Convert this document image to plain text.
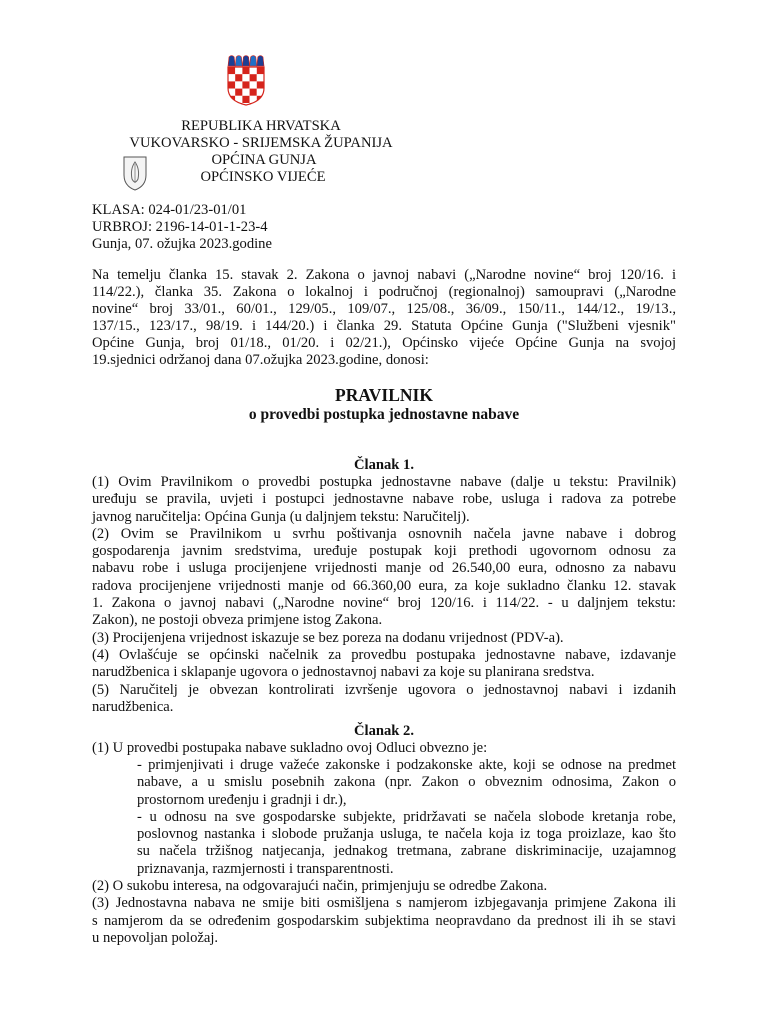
REPUBLIKA HRVATSKA
VUKOVARSKO - SRIJEMSKA ŽUPANIJA
OPĆINA GUNJA
OPĆINSKO VIJEĆE
KLASA: 024-01/23-01/01
URBROJ: 2196-14-01-1-23-4
Gunja, 07. ožujka 2023.godine
Na temelju članka 15. stavak 2. Zakona o javnoj nabavi („Narodne novine“ broj 120/16. i
114/22.), članka 35. Zakona o lokalnoj i područnoj (regionalnoj) samoupravi („Narodne
novine“ broj 33/01., 60/01., 129/05., 109/07., 125/08., 36/09., 150/11., 144/12., 19/13.,
137/15., 123/17., 98/19. i 144/20.) i članka 29. Statuta Općine Gunja ("Službeni vjesnik"
Općine Gunja, broj 01/18., 01/20. i 02/21.), Općinsko vijeće Općine Gunja na svojoj
19.sjednici održanoj dana 07.ožujka 2023.godine, donosi:
PRAVILNIK
o provedbi postupka jednostavne nabave
Članak 1.
(1) Ovim Pravilnikom o provedbi postupka jednostavne nabave (dalje u tekstu: Pravilnik)
uređuju se pravila, uvjeti i postupci jednostavne nabave robe, usluga i radova za potrebe
javnog naručitelja: Općina Gunja (u daljnjem tekstu: Naručitelj).
(2) Ovim se Pravilnikom u svrhu poštivanja osnovnih načela javne nabave i dobrog
gospodarenja javnim sredstvima, uređuje postupak koji prethodi ugovornom odnosu za
nabavu robe i usluga procijenjene vrijednosti manje od 26.540,00 eura, odnosno za nabavu
radova procijenjene vrijednosti manje od 66.360,00 eura, za koje sukladno članku 12. stavak
1. Zakona o javnoj nabavi („Narodne novine“ broj 120/16. i 114/22. - u daljnjem tekstu:
Zakon), ne postoji obveza primjene istog Zakona.
(3) Procijenjena vrijednost iskazuje se bez poreza na dodanu vrijednost (PDV-a).
(4) Ovlašćuje se općinski načelnik za provedbu postupaka jednostavne nabave, izdavanje
narudžbenica i sklapanje ugovora o jednostavnoj nabavi za koje su planirana sredstva.
(5) Naručitelj je obvezan kontrolirati izvršenje ugovora o jednostavnoj nabavi i izdanih
narudžbenica.
Članak 2.
(1) U provedbi postupaka nabave sukladno ovoj Odluci obvezno je:
- primjenjivati i druge važeće zakonske i podzakonske akte, koji se odnose na predmet
nabave, a u smislu posebnih zakona (npr. Zakon o obveznim odnosima, Zakon o
prostornom uređenju i gradnji i dr.),
- u odnosu na sve gospodarske subjekte, pridržavati se načela slobode kretanja robe,
poslovnog nastanka i slobode pružanja usluga, te načela koja iz toga proizlaze, kao što
su načela tržišnog natjecanja, jednakog tretmana, zabrane diskriminacije, uzajamnog
priznavanja, razmjernosti i transparentnosti.
(2) O sukobu interesa, na odgovarajući način, primjenjuju se odredbe Zakona.
(3) Jednostavna nabava ne smije biti osmišljena s namjerom izbjegavanja primjene Zakona ili
s namjerom da se određenim gospodarskim subjektima neopravdano da prednost ili ih se stavi
u nepovoljan položaj.
